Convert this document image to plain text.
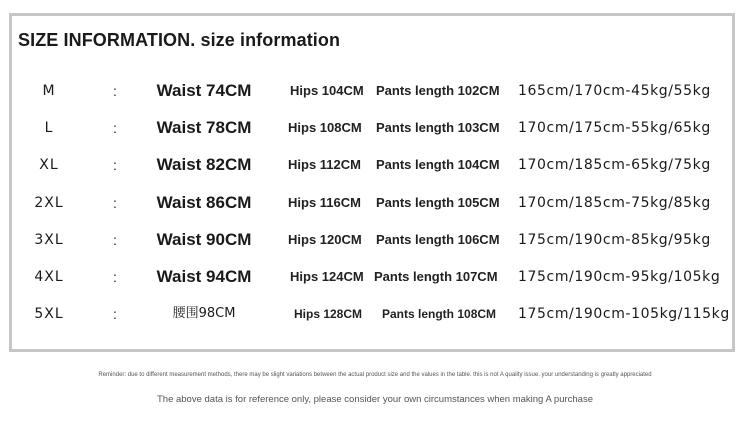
SIZE INFORMATION. size information
M	:	Waist 74CM	Hips 104CM Pants length 102CM 165cm/170cm-45kg/55kg
L	:	Waist 78CM	Hips 108CM Pants length 103CM 170cm/175cm-55kg/65kg
XL	:	Waist 82CM	Hips 112CM Pants length 104CM 170cm/185cm-65kg/75kg
2XL	:	Waist 86CM	Hips 116CM Pants length 105CM 170cm/185cm-75kg/85kg
3XL	:	Waist 90CM	Hips 120CM Pants length 106CM 175cm/190cm-85kg/95kg
4XL	:	Waist 94CM	Hips 124CM Pants length 107CM 175cm/190cm-95kg/105kg
5XL	:	腰围98CM	Hips 128CM Pants length 108CM 175cm/190cm-105kg/115kg
Reminder: due to different measurement methods, there may be slight variations between the actual product size and the values in the table. this is not A quality issue. your understanding is greatly appreciated
The above data is for reference only, please consider your own circumstances when making A purchase
